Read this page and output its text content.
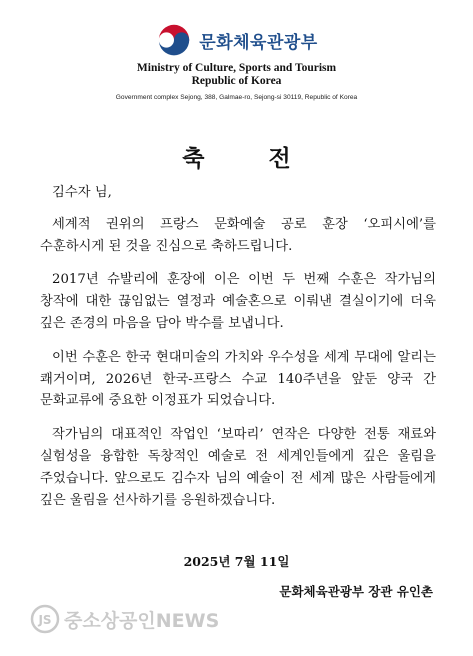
문화체육관광부
Ministry of Culture, Sports and Tourism
Republic of Korea
Government complex Sejong, 388, Galmae-ro, Sejong-si 30119, Republic of Korea
축 전

김수자 님,

세계적 권위의 프랑스 문화예술 공로 훈장 ‘오피시에’를 수훈하시게 된 것을 진심으로 축하드립니다.

2017년 슈발리에 훈장에 이은 이번 두 번째 수훈은 작가님의 창작에 대한 끊임없는 열정과 예술혼으로 이뤄낸 결실이기에 더욱 깊은 존경의 마음을 담아 박수를 보냅니다.

이번 수훈은 한국 현대미술의 가치와 우수성을 세계 무대에 알리는 쾌거이며, 2026년 한국-프랑스 수교 140주년을 앞둔 양국 간 문화교류에 중요한 이정표가 되었습니다.

작가님의 대표적인 작업인 ‘보따리’ 연작은 다양한 전통 재료와 실험성을 융합한 독창적인 예술로 전 세계인들에게 깊은 울림을 주었습니다. 앞으로도 김수자 님의 예술이 전 세계 많은 사람들에게 깊은 울림을 선사하기를 응원하겠습니다.

2025년 7월 11일
문화체육관광부 장관 유인촌
JS 중소상공인NEWS
